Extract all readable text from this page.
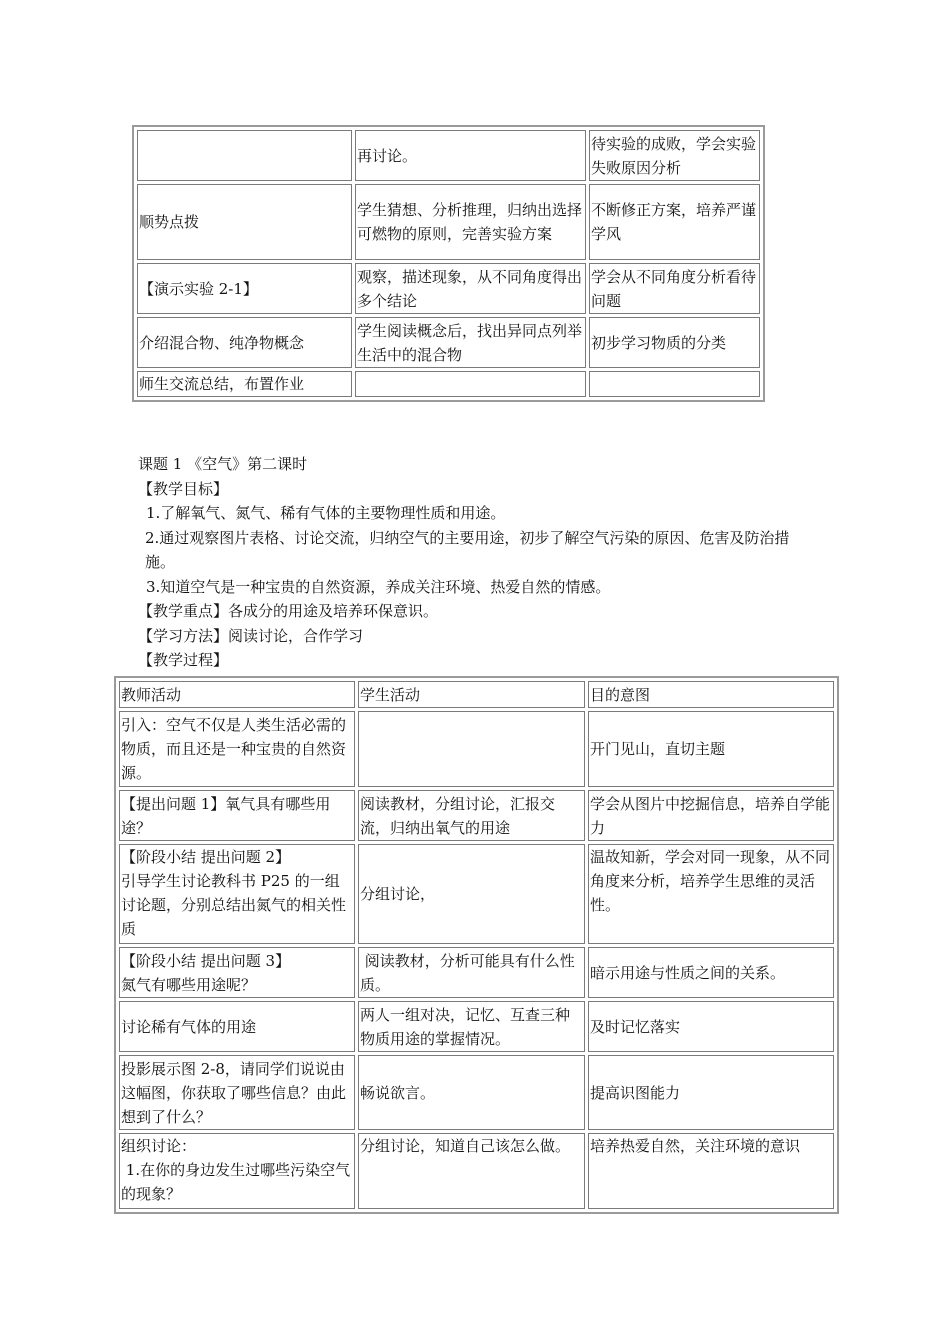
	再讨论。	待实验的成败，学会实验失败原因分析
顺势点拨	学生猜想、分析推理，归纳出选择可燃物的原则，完善实验方案	不断修正方案，培养严谨学风
【演示实验 2-1】	观察，描述现象，从不同角度得出多个结论	学会从不同角度分析看待问题
介绍混合物、纯净物概念	学生阅读概念后，找出异同点列举生活中的混合物	初步学习物质的分类
师生交流总结，布置作业		

课题 1 《空气》第二课时

【教学目标】

1.了解氧气、氮气、稀有气体的主要物理性质和用途。

2.通过观察图片表格、讨论交流，归纳空气的主要用途，初步了解空气污染的原因、危害及防治措施。

3.知道空气是一种宝贵的自然资源，养成关注环境、热爱自然的情感。

【教学重点】各成分的用途及培养环保意识。

【学习方法】阅读讨论，合作学习

【教学过程】

教师活动	学生活动	目的意图
引入：空气不仅是人类生活必需的物质，而且还是一种宝贵的自然资源。		开门见山，直切主题
【提出问题 1】氧气具有哪些用途？	阅读教材，分组讨论，汇报交流，归纳出氧气的用途	学会从图片中挖掘信息，培养自学能力
【阶段小结 提出问题 2】
引导学生讨论教科书 P25 的一组讨论题，分别总结出氮气的相关性质	分组讨论，	温故知新，学会对同一现象，从不同角度来分析，培养学生思维的灵活性。
【阶段小结 提出问题 3】
氮气有哪些用途呢？	阅读教材，分析可能具有什么性质。	暗示用途与性质之间的关系。
讨论稀有气体的用途	两人一组对决，记忆、互查三种物质用途的掌握情况。	及时记忆落实
投影展示图 2-8，请同学们说说由这幅图，你获取了哪些信息？由此想到了什么？	畅说欲言。	提高识图能力
组织讨论：
1.在你的身边发生过哪些污染空气的现象？	分组讨论，知道自己该怎么做。	培养热爱自然，关注环境的意识
